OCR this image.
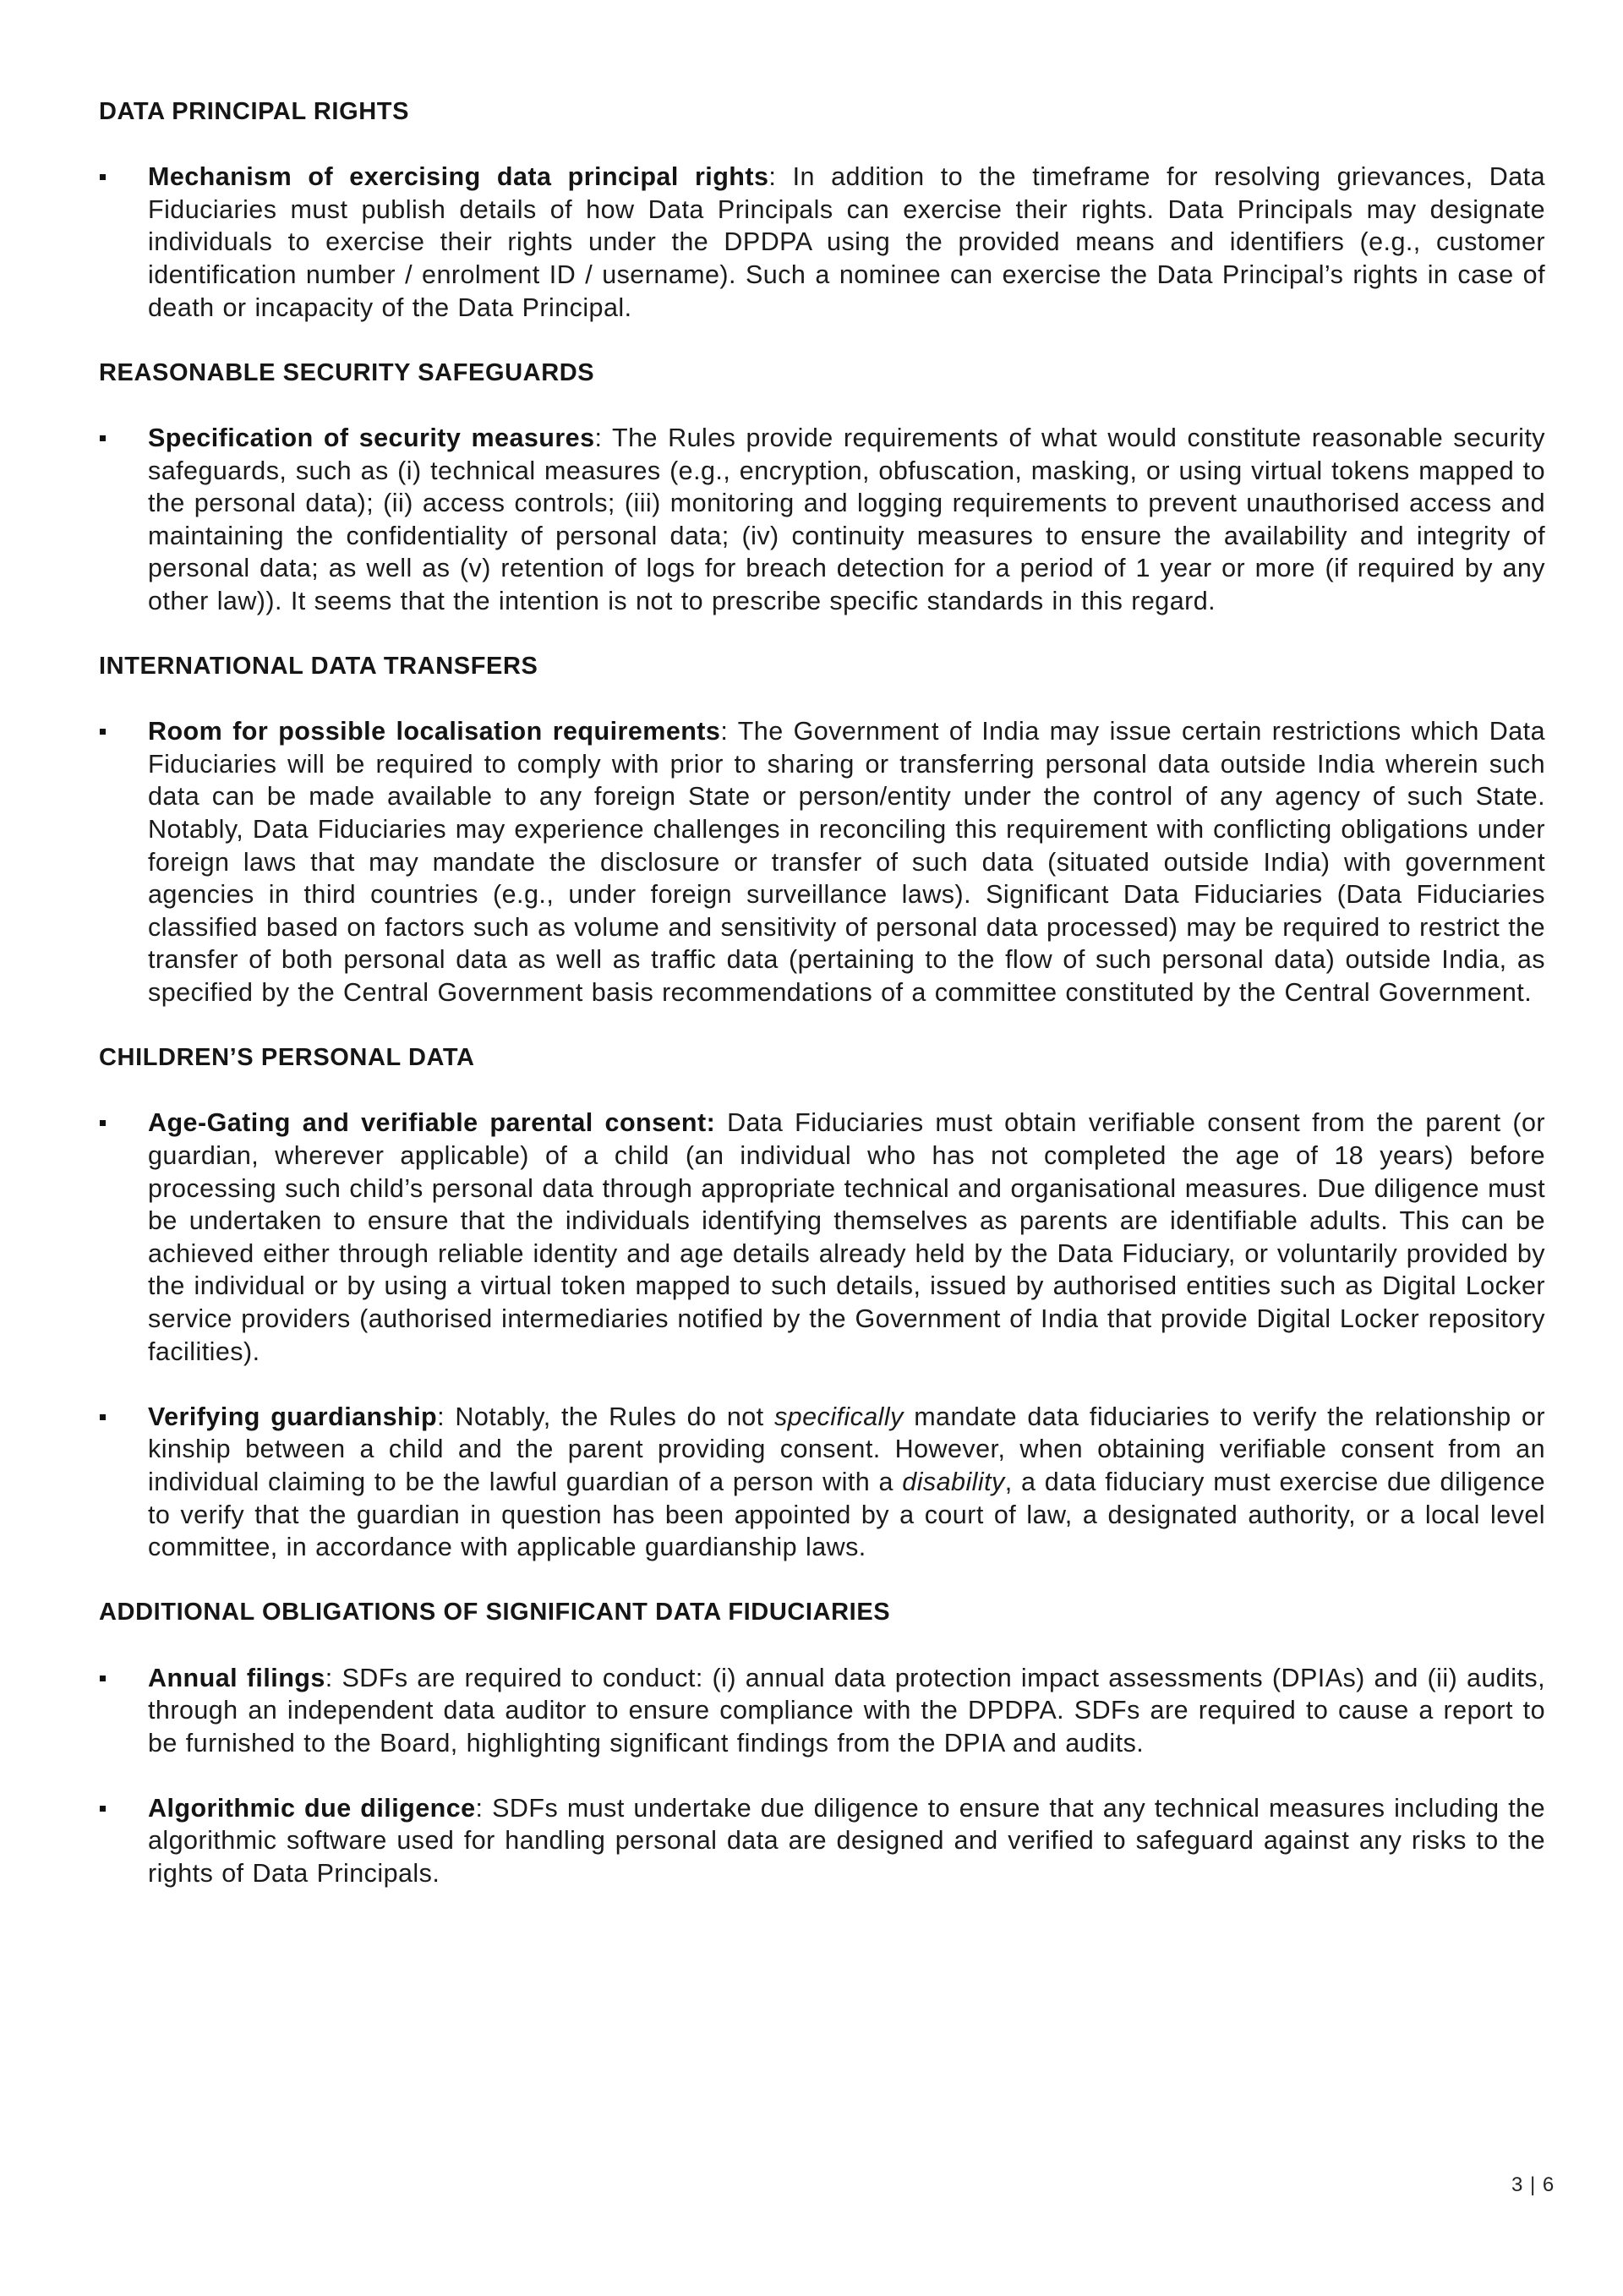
DATA PRINCIPAL RIGHTS
Mechanism of exercising data principal rights: In addition to the timeframe for resolving grievances, Data Fiduciaries must publish details of how Data Principals can exercise their rights. Data Principals may designate individuals to exercise their rights under the DPDPA using the provided means and identifiers (e.g., customer identification number / enrolment ID / username). Such a nominee can exercise the Data Principal’s rights in case of death or incapacity of the Data Principal.
REASONABLE SECURITY SAFEGUARDS
Specification of security measures: The Rules provide requirements of what would constitute reasonable security safeguards, such as (i) technical measures (e.g., encryption, obfuscation, masking, or using virtual tokens mapped to the personal data); (ii) access controls; (iii) monitoring and logging requirements to prevent unauthorised access and maintaining the confidentiality of personal data; (iv) continuity measures to ensure the availability and integrity of personal data; as well as (v) retention of logs for breach detection for a period of 1 year or more (if required by any other law)). It seems that the intention is not to prescribe specific standards in this regard.
INTERNATIONAL DATA TRANSFERS
Room for possible localisation requirements: The Government of India may issue certain restrictions which Data Fiduciaries will be required to comply with prior to sharing or transferring personal data outside India wherein such data can be made available to any foreign State or person/entity under the control of any agency of such State. Notably, Data Fiduciaries may experience challenges in reconciling this requirement with conflicting obligations under foreign laws that may mandate the disclosure or transfer of such data (situated outside India) with government agencies in third countries (e.g., under foreign surveillance laws). Significant Data Fiduciaries (Data Fiduciaries classified based on factors such as volume and sensitivity of personal data processed) may be required to restrict the transfer of both personal data as well as traffic data (pertaining to the flow of such personal data) outside India, as specified by the Central Government basis recommendations of a committee constituted by the Central Government.
CHILDREN’S PERSONAL DATA
Age-Gating and verifiable parental consent: Data Fiduciaries must obtain verifiable consent from the parent (or guardian, wherever applicable) of a child (an individual who has not completed the age of 18 years) before processing such child’s personal data through appropriate technical and organisational measures. Due diligence must be undertaken to ensure that the individuals identifying themselves as parents are identifiable adults. This can be achieved either through reliable identity and age details already held by the Data Fiduciary, or voluntarily provided by the individual or by using a virtual token mapped to such details, issued by authorised entities such as Digital Locker service providers (authorised intermediaries notified by the Government of India that provide Digital Locker repository facilities).
Verifying guardianship: Notably, the Rules do not specifically mandate data fiduciaries to verify the relationship or kinship between a child and the parent providing consent. However, when obtaining verifiable consent from an individual claiming to be the lawful guardian of a person with a disability, a data fiduciary must exercise due diligence to verify that the guardian in question has been appointed by a court of law, a designated authority, or a local level committee, in accordance with applicable guardianship laws.
ADDITIONAL OBLIGATIONS OF SIGNIFICANT DATA FIDUCIARIES
Annual filings: SDFs are required to conduct: (i) annual data protection impact assessments (DPIAs) and (ii) audits, through an independent data auditor to ensure compliance with the DPDPA. SDFs are required to cause a report to be furnished to the Board, highlighting significant findings from the DPIA and audits.
Algorithmic due diligence: SDFs must undertake due diligence to ensure that any technical measures including the algorithmic software used for handling personal data are designed and verified to safeguard against any risks to the rights of Data Principals.
3 | 6
